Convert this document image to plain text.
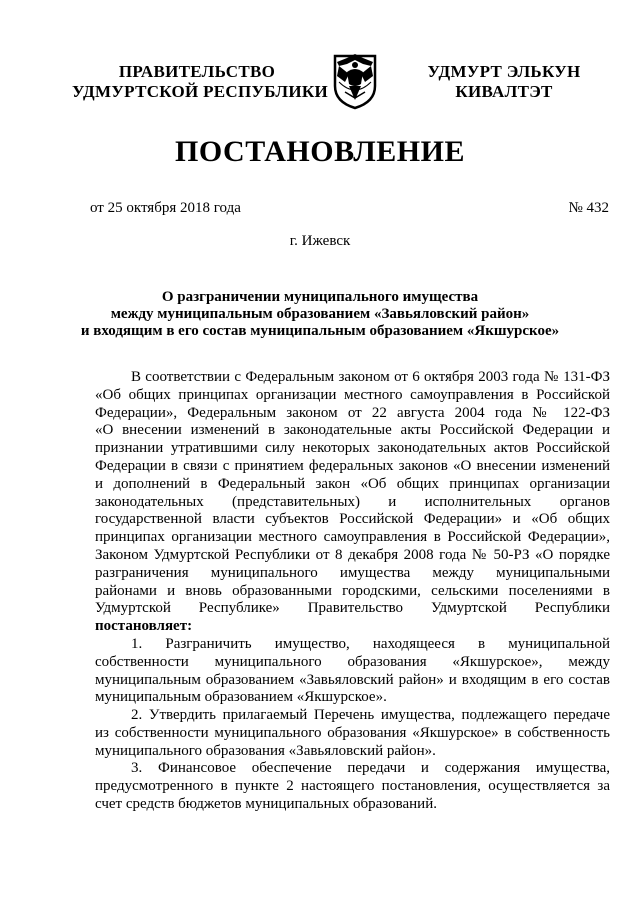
ПРАВИТЕЛЬСТВО
УДМУРТСКОЙ РЕСПУБЛИКИ
УДМУРТ ЭЛЬКУН
КИВАЛТЭТ
ПОСТАНОВЛЕНИЕ
от 25 октября 2018 года	№ 432
г. Ижевск
О разграничении муниципального имущества
между муниципальным образованием «Завьяловский район»
и входящим в его состав муниципальным образованием «Якшурское»
В соответствии с Федеральным законом от 6 октября 2003 года № 131-ФЗ
«Об общих принципах организации местного самоуправления в Российской
Федерации», Федеральным законом от 22 августа 2004 года № 122-ФЗ
«О внесении изменений в законодательные акты Российской Федерации и
признании утратившими силу некоторых законодательных актов Российской
Федерации в связи с принятием федеральных законов «О внесении изменений
и дополнений в Федеральный закон «Об общих принципах организации
законодательных (представительных) и исполнительных органов
государственной власти субъектов Российской Федерации» и «Об общих
принципах организации местного самоуправления в Российской Федерации»,
Законом Удмуртской Республики от 8 декабря 2008 года № 50-РЗ «О порядке
разграничения муниципального имущества между муниципальными
районами и вновь образованными городскими, сельскими поселениями в
Удмуртской Республике» Правительство Удмуртской Республики
постановляет:
1. Разграничить имущество, находящееся в муниципальной
собственности муниципального образования «Якшурское», между
муниципальным образованием «Завьяловский район» и входящим в его состав
муниципальным образованием «Якшурское».
2. Утвердить прилагаемый Перечень имущества, подлежащего передаче
из собственности муниципального образования «Якшурское» в собственность
муниципального образования «Завьяловский район».
3. Финансовое обеспечение передачи и содержания имущества,
предусмотренного в пункте 2 настоящего постановления, осуществляется за
счет средств бюджетов муниципальных образований.
